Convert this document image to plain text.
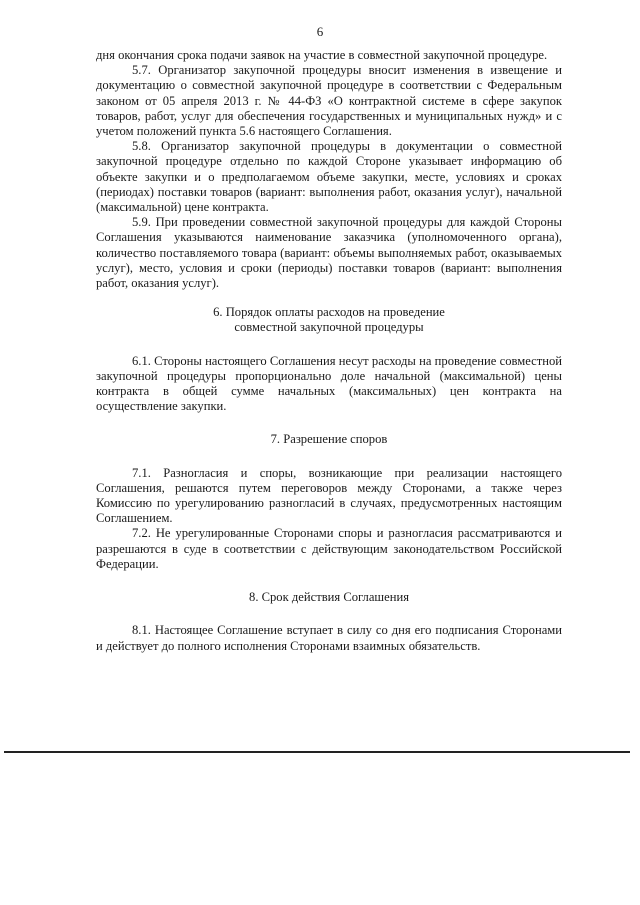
6

дня окончания срока подачи заявок на участие в совместной закупочной процедуре.

5.7. Организатор закупочной процедуры вносит изменения в извещение и документацию о совместной закупочной процедуре в соответствии с Федеральным законом от 05 апреля 2013 г. № 44-ФЗ «О контрактной системе в сфере закупок товаров, работ, услуг для обеспечения государственных и муниципальных нужд» и с учетом положений пункта 5.6 настоящего Соглашения.

5.8. Организатор закупочной процедуры в документации о совместной закупочной процедуре отдельно по каждой Стороне указывает информацию об объекте закупки и о предполагаемом объеме закупки, месте, условиях и сроках (периодах) поставки товаров (вариант: выполнения работ, оказания услуг), начальной (максимальной) цене контракта.

5.9. При проведении совместной закупочной процедуры для каждой Стороны Соглашения указываются наименование заказчика (уполномоченного органа), количество поставляемого товара (вариант: объемы выполняемых работ, оказываемых услуг), место, условия и сроки (периоды) поставки товаров (вариант: выполнения работ, оказания услуг).

6. Порядок оплаты расходов на проведение
совместной закупочной процедуры

6.1. Стороны настоящего Соглашения несут расходы на проведение совместной закупочной процедуры пропорционально доле начальной (максимальной) цены контракта в общей сумме начальных (максимальных) цен контракта на осуществление закупки.

7. Разрешение споров

7.1. Разногласия и споры, возникающие при реализации настоящего Соглашения, решаются путем переговоров между Сторонами, а также через Комиссию по урегулированию разногласий в случаях, предусмотренных настоящим Соглашением.

7.2. Не урегулированные Сторонами споры и разногласия рассматриваются и разрешаются в суде в соответствии с действующим законодательством Российской Федерации.

8. Срок действия Соглашения

8.1. Настоящее Соглашение вступает в силу со дня его подписания Сторонами и действует до полного исполнения Сторонами взаимных обязательств.
